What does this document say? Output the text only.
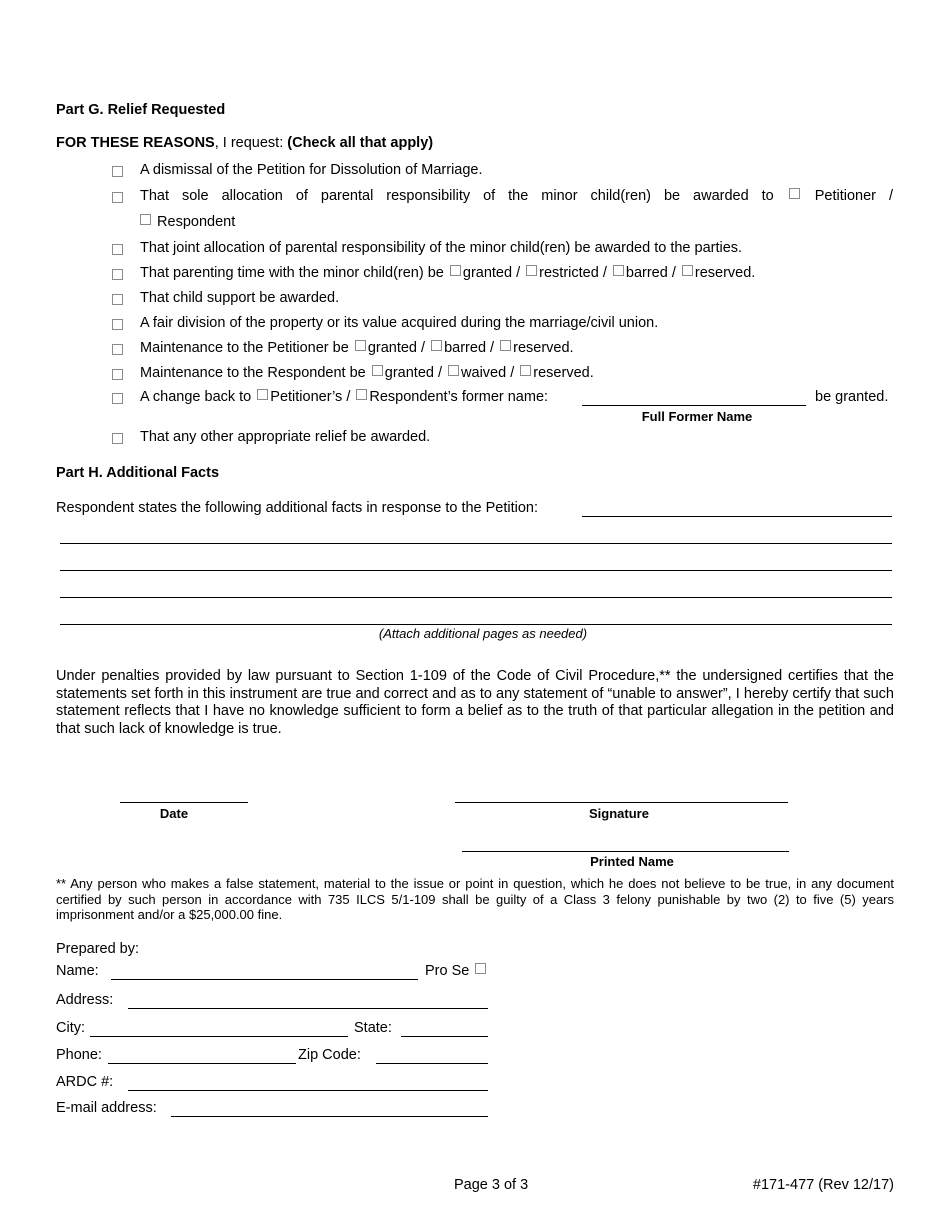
Part G. Relief Requested
FOR THESE REASONS, I request: (Check all that apply)
A dismissal of the Petition for Dissolution of Marriage.
That sole allocation of parental responsibility of the minor child(ren) be awarded to	Petitioner /
Respondent
That joint allocation of parental responsibility of the minor child(ren) be awarded to the parties.
That parenting time with the minor child(ren) be granted / restricted / barred / reserved.
That child support be awarded.
A fair division of the property or its value acquired during the marriage/civil union.
Maintenance to the Petitioner be granted / barred / reserved.
Maintenance to the Respondent be granted / waived / reserved.
A change back to Petitioner’s / Respondent’s former name:	be granted.
Full Former Name
That any other appropriate relief be awarded.
Part H. Additional Facts
Respondent states the following additional facts in response to the Petition:
(Attach additional pages as needed)
Under penalties provided by law pursuant to Section 1-109 of the Code of Civil Procedure,** the undersigned certifies that the statements set forth in this instrument are true and correct and as to any statement of “unable to answer”, I hereby certify that such statement reflects that I have no knowledge sufficient to form a belief as to the truth of that particular allegation in the petition and that such lack of knowledge is true.
Date	Signature
Printed Name
** Any person who makes a false statement, material to the issue or point in question, which he does not believe to be true, in any document certified by such person in accordance with 735 ILCS 5/1-109 shall be guilty of a Class 3 felony punishable by two (2) to five (5) years imprisonment and/or a $25,000.00 fine.
Prepared by:
Name:	Pro Se
Address:
City:	State:
Phone:	Zip Code:
ARDC #:
E-mail address:
Page 3 of 3	#171-477 (Rev 12/17)
